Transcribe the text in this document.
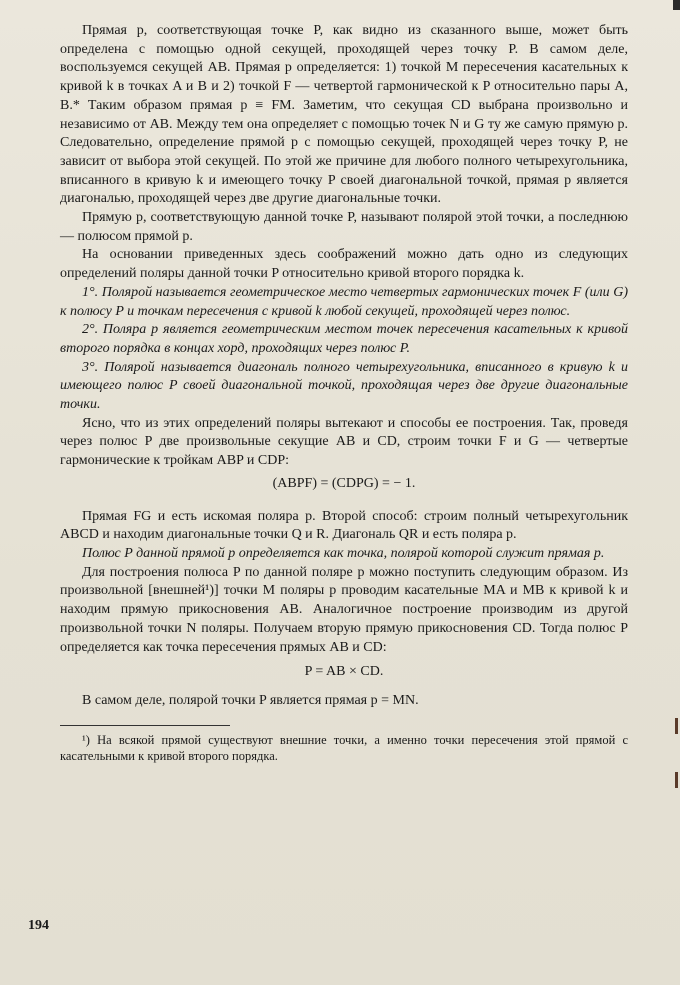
Прямая p, соответствующая точке P, как видно из сказанного выше, может быть определена с помощью одной секущей, проходящей через точку P. В самом деле, воспользуемся секущей AB. Прямая p определяется: 1) точкой M пересечения касательных к кривой k в точках A и B и 2) точкой F — четвертой гармонической к P относительно пары A, B.* Таким образом прямая p ≡ FM. Заметим, что секущая CD выбрана произвольно и независимо от AB. Между тем она определяет с помощью точек N и G ту же самую прямую p. Следовательно, определение прямой p с помощью секущей, проходящей через точку P, не зависит от выбора этой секущей. По этой же причине для любого полного четырехугольника, вписанного в кривую k и имеющего точку P своей диагональной точкой, прямая p является диагональю, проходящей через две другие диагональные точки.

Прямую p, соответствующую данной точке P, называют полярой этой точки, а последнюю — полюсом прямой p.

На основании приведенных здесь соображений можно дать одно из следующих определений поляры данной точки P относительно кривой второго порядка k.

1°. Полярой называется геометрическое место четвертых гармонических точек F (или G) к полюсу P и точкам пересечения с кривой k любой секущей, проходящей через полюс.

2°. Поляра p является геометрическим местом точек пересечения касательных к кривой второго порядка в концах хорд, проходящих через полюс P.

3°. Полярой называется диагональ полного четырехугольника, вписанного в кривую k и имеющего полюс P своей диагональной точкой, проходящая через две другие диагональные точки.

Ясно, что из этих определений поляры вытекают и способы ее построения. Так, проведя через полюс P две произвольные секущие AB и CD, строим точки F и G — четвертые гармонические к тройкам ABP и CDP:

(ABPF) = (CDPG) = − 1.

Прямая FG и есть искомая поляра p. Второй способ: строим полный четырехугольник ABCD и находим диагональные точки Q и R. Диагональ QR и есть поляра p.

Полюс P данной прямой p определяется как точка, полярой которой служит прямая p.

Для построения полюса P по данной поляре p можно поступить следующим образом. Из произвольной [внешней¹)] точки M поляры p проводим касательные MA и MB к кривой k и находим прямую прикосновения AB. Аналогичное построение производим из другой произвольной точки N поляры. Получаем вторую прямую прикосновения CD. Тогда полюс P определяется как точка пересечения прямых AB и CD:

P = AB × CD.

В самом деле, полярой точки P является прямая p = MN.

¹) На всякой прямой существуют внешние точки, а именно точки пересечения этой прямой с касательными к кривой второго порядка.

194
